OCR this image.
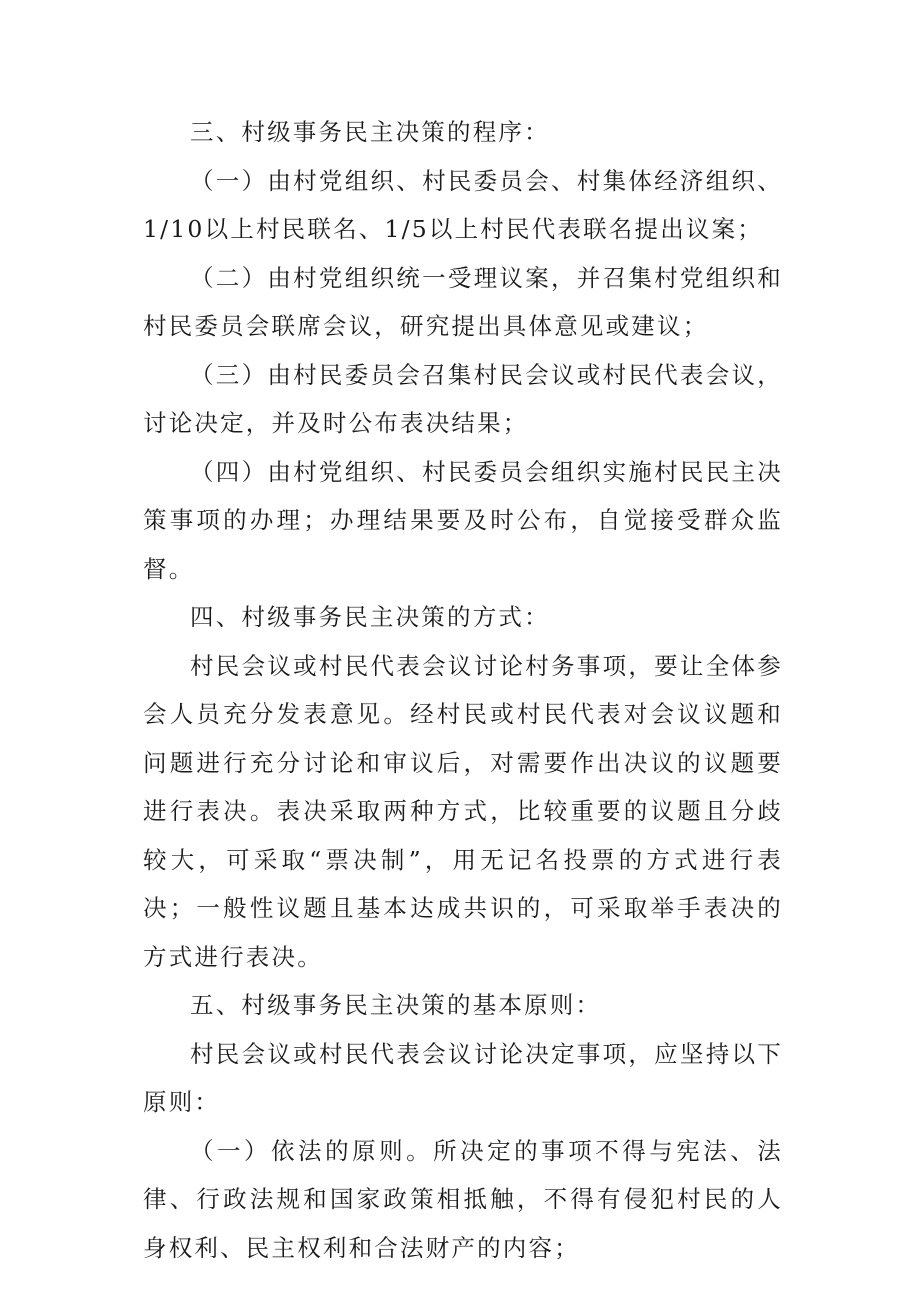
三、村级事务民主决策的程序：

（一）由村党组织、村民委员会、村集体经济组织、1/10以上村民联名、1/5以上村民代表联名提出议案；

（二）由村党组织统一受理议案，并召集村党组织和村民委员会联席会议，研究提出具体意见或建议；

（三）由村民委员会召集村民会议或村民代表会议，讨论决定，并及时公布表决结果；

（四）由村党组织、村民委员会组织实施村民民主决策事项的办理；办理结果要及时公布，自觉接受群众监督。

四、村级事务民主决策的方式：

村民会议或村民代表会议讨论村务事项，要让全体参会人员充分发表意见。经村民或村民代表对会议议题和问题进行充分讨论和审议后，对需要作出决议的议题要进行表决。表决采取两种方式，比较重要的议题且分歧较大，可采取“票决制”，用无记名投票的方式进行表决；一般性议题且基本达成共识的，可采取举手表决的方式进行表决。

五、村级事务民主决策的基本原则：

村民会议或村民代表会议讨论决定事项，应坚持以下原则：

（一）依法的原则。所决定的事项不得与宪法、法律、行政法规和国家政策相抵触，不得有侵犯村民的人身权利、民主权利和合法财产的内容；
